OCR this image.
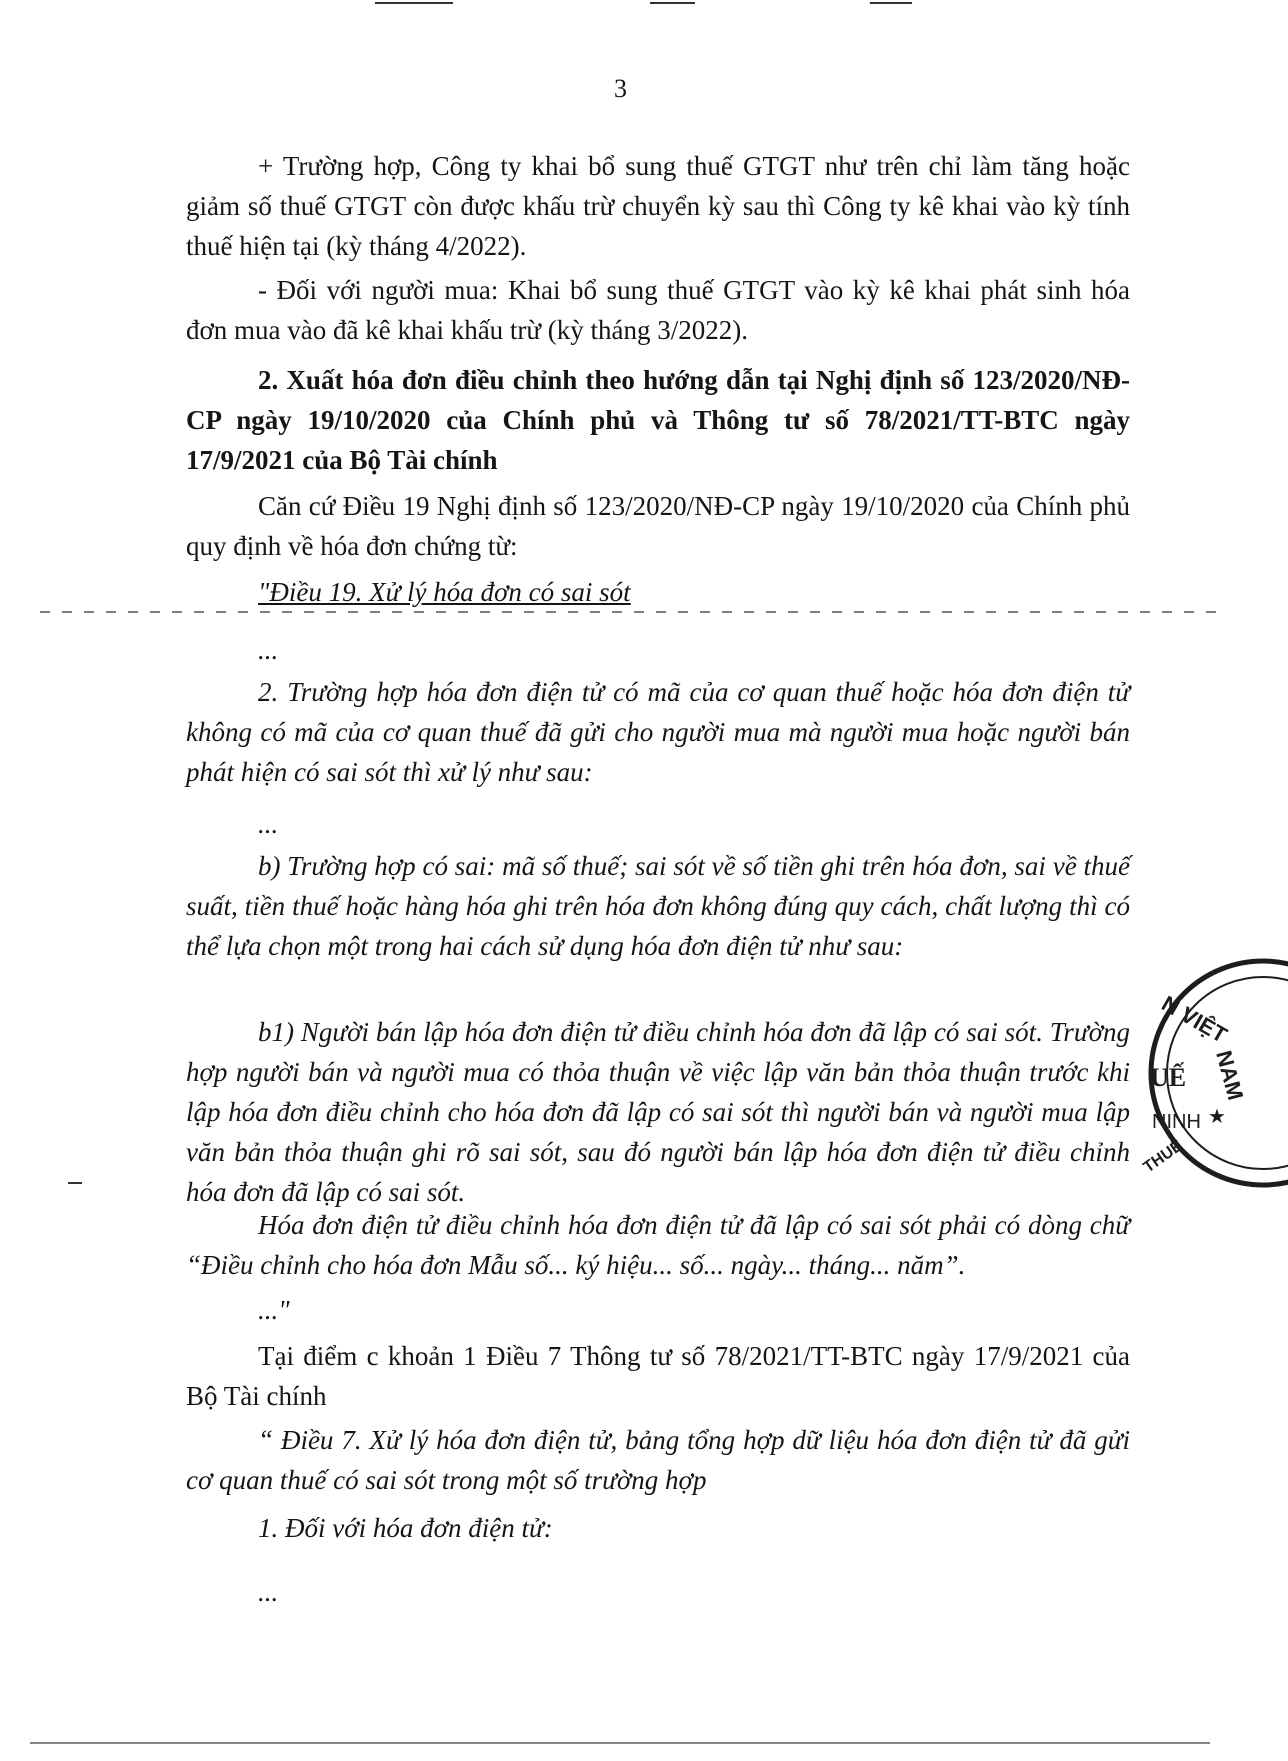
3

+ Trường hợp, Công ty khai bổ sung thuế GTGT như trên chỉ làm tăng hoặc giảm số thuế GTGT còn được khấu trừ chuyển kỳ sau thì Công ty kê khai vào kỳ tính thuế hiện tại (kỳ tháng 4/2022).

- Đối với người mua: Khai bổ sung thuế GTGT vào kỳ kê khai phát sinh hóa đơn mua vào đã kê khai khấu trừ (kỳ tháng 3/2022).

2. Xuất hóa đơn điều chỉnh theo hướng dẫn tại Nghị định số 123/2020/NĐ-CP ngày 19/10/2020 của Chính phủ và Thông tư số 78/2021/TT-BTC ngày 17/9/2021 của Bộ Tài chính

Căn cứ Điều 19 Nghị định số 123/2020/NĐ-CP ngày 19/10/2020 của Chính phủ quy định về hóa đơn chứng từ:

"Điều 19. Xử lý hóa đơn có sai sót

...

2. Trường hợp hóa đơn điện tử có mã của cơ quan thuế hoặc hóa đơn điện tử không có mã của cơ quan thuế đã gửi cho người mua mà người mua hoặc người bán phát hiện có sai sót thì xử lý như sau:

...

b) Trường hợp có sai: mã số thuế; sai sót về số tiền ghi trên hóa đơn, sai về thuế suất, tiền thuế hoặc hàng hóa ghi trên hóa đơn không đúng quy cách, chất lượng thì có thể lựa chọn một trong hai cách sử dụng hóa đơn điện tử như sau:

b1) Người bán lập hóa đơn điện tử điều chỉnh hóa đơn đã lập có sai sót. Trường hợp người bán và người mua có thỏa thuận về việc lập văn bản thỏa thuận trước khi lập hóa đơn điều chỉnh cho hóa đơn đã lập có sai sót thì người bán và người mua lập văn bản thỏa thuận ghi rõ sai sót, sau đó người bán lập hóa đơn điện tử điều chỉnh hóa đơn đã lập có sai sót.

Hóa đơn điện tử điều chỉnh hóa đơn điện tử đã lập có sai sót phải có dòng chữ “Điều chỉnh cho hóa đơn Mẫu số... ký hiệu... số... ngày... tháng... năm”.

..."

Tại điểm c khoản 1 Điều 7 Thông tư số 78/2021/TT-BTC ngày 17/9/2021 của Bộ Tài chính

“ Điều 7. Xử lý hóa đơn điện tử, bảng tổng hợp dữ liệu hóa đơn điện tử đã gửi cơ quan thuế có sai sót trong một số trường hợp

1. Đối với hóa đơn điện tử:

...

N VIỆT
NAM
UẾ
NINH ★
THUẾ
